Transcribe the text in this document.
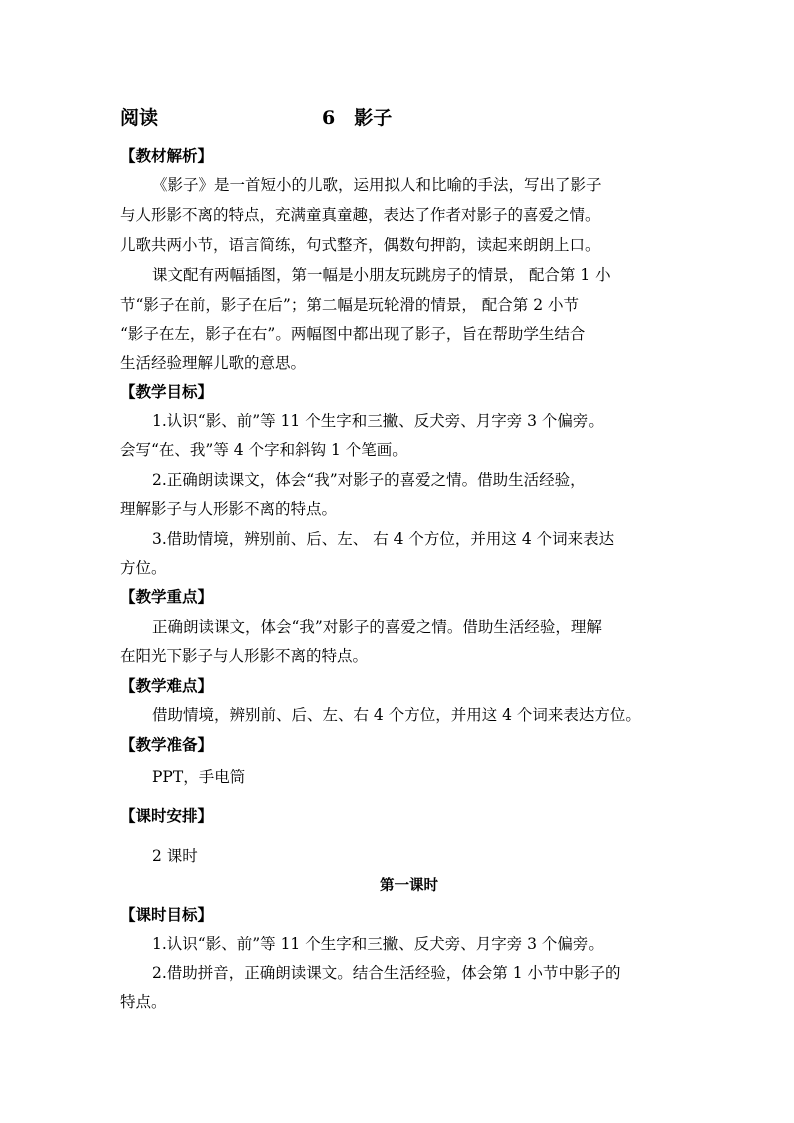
阅读	6　影子
【教材解析】
《影子》是一首短小的儿歌，运用拟人和比喻的手法，写出了影子
与人形影不离的特点，充满童真童趣，表达了作者对影子的喜爱之情。
儿歌共两小节，语言简练，句式整齐，偶数句押韵，读起来朗朗上口。
课文配有两幅插图，第一幅是小朋友玩跳房子的情景， 配合第 1 小
节“影子在前，影子在后”；第二幅是玩轮滑的情景， 配合第 2 小节
“影子在左，影子在右”。两幅图中都出现了影子，旨在帮助学生结合
生活经验理解儿歌的意思。
【教学目标】
1.认识“影、前”等 11 个生字和三撇、反犬旁、月字旁 3 个偏旁。
会写“在、我”等 4 个字和斜钩 1 个笔画。
2.正确朗读课文，体会“我”对影子的喜爱之情。借助生活经验，
理解影子与人形影不离的特点。
3.借助情境，辨别前、后、左、 右 4 个方位，并用这 4 个词来表达
方位。
【教学重点】
正确朗读课文，体会“我”对影子的喜爱之情。借助生活经验，理解
在阳光下影子与人形影不离的特点。
【教学难点】
借助情境，辨别前、后、左、右 4 个方位，并用这 4 个词来表达方位。
【教学准备】
PPT，手电筒
【课时安排】
2 课时
第一课时
【课时目标】
1.认识“影、前”等 11 个生字和三撇、反犬旁、月字旁 3 个偏旁。
2.借助拼音，正确朗读课文。结合生活经验，体会第 1 小节中影子的
特点。
